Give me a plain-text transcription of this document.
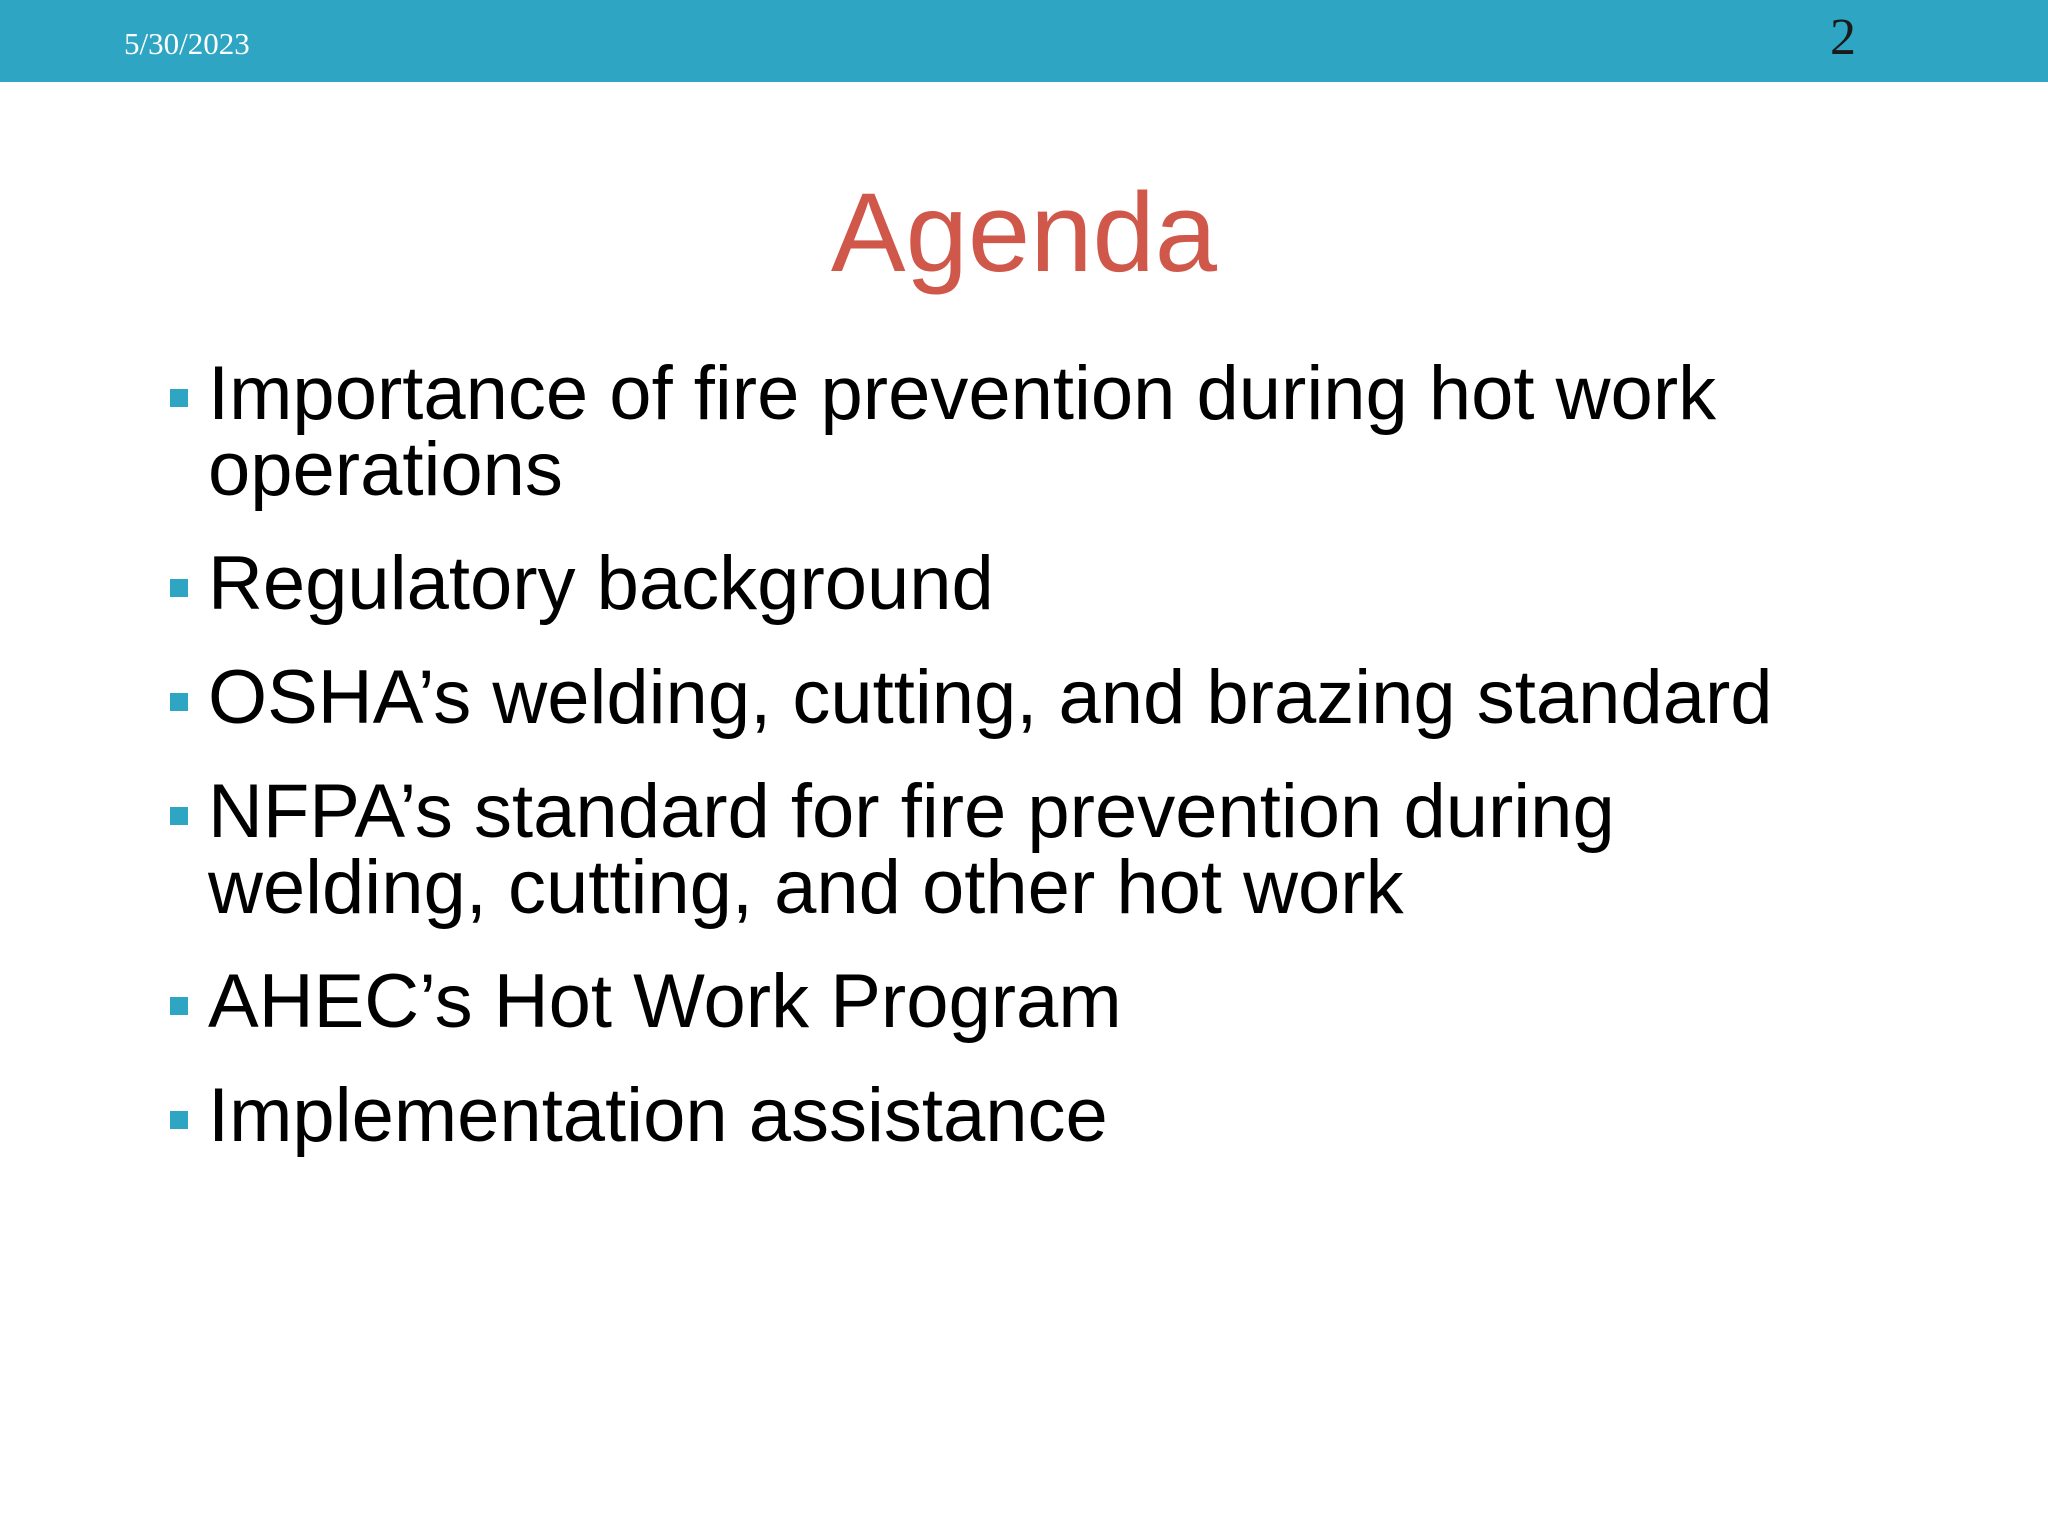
5/30/2023	2
Agenda
Importance of fire prevention during hot work operations
Regulatory background
OSHA’s welding, cutting, and brazing standard
NFPA’s standard for fire prevention during welding, cutting, and other hot work
AHEC’s Hot Work Program
Implementation assistance
